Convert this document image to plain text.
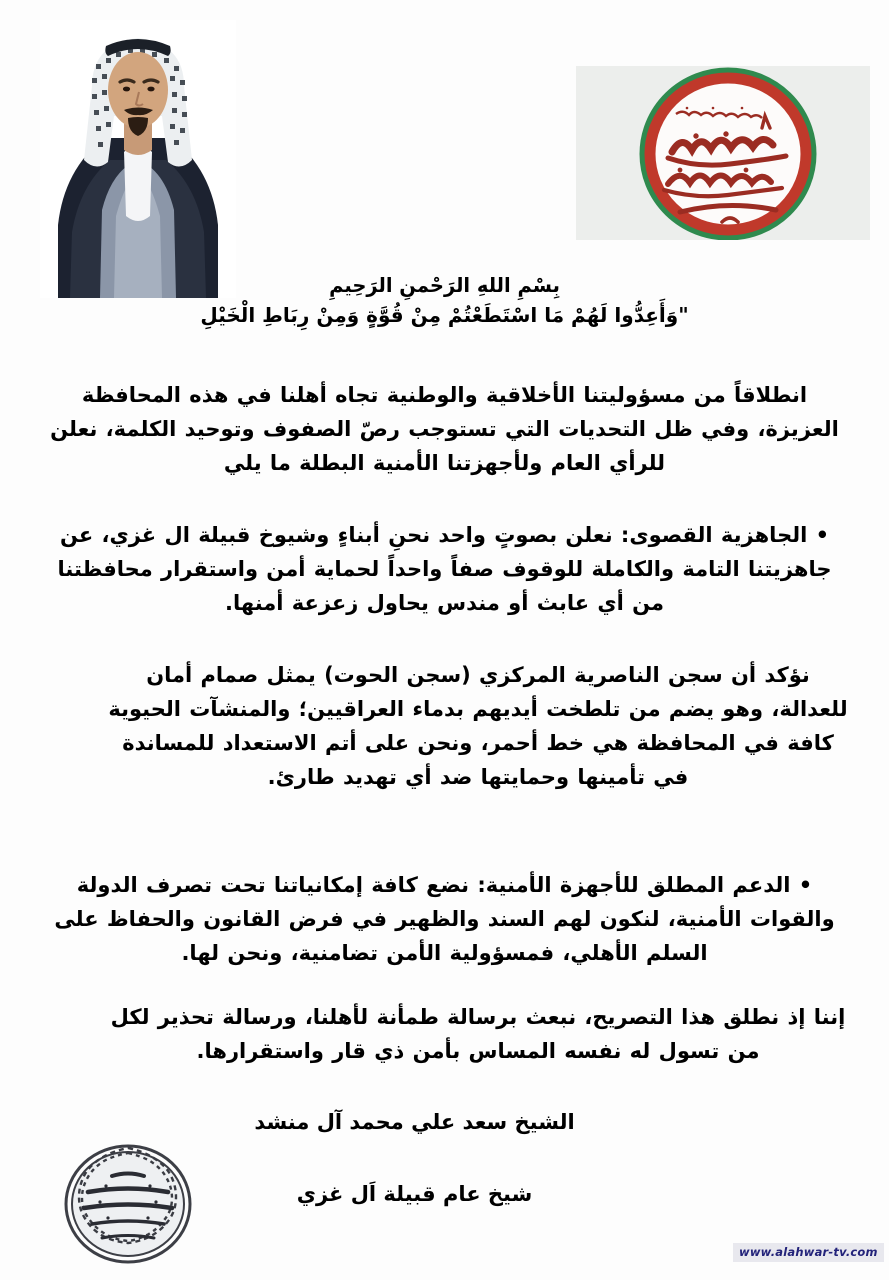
بِسْمِ اللهِ الرَحْمنِ الرَحِيمِ
"وَأَعِدُّوا لَهُمْ مَا اسْتَطَعْتُمْ مِنْ قُوَّةٍ وَمِنْ رِبَاطِ الْخَيْلِ
انطلاقاً من مسؤوليتنا الأخلاقية والوطنية تجاه أهلنا في هذه المحافظة العزيزة، وفي ظل التحديات التي تستوجب رصّ الصفوف وتوحيد الكلمة، نعلن للرأي العام ولأجهزتنا الأمنية البطلة ما يلي
• الجاهزية القصوى: نعلن بصوتٍ واحد نحنِ أبناءٍ وشيوخ قبيلة ال غزي، عن جاهزيتنا التامة والكاملة للوقوف صفاً واحداً لحماية أمن واستقرار محافظتنا من أي عابث أو مندس يحاول زعزعة أمنها.
نؤكد أن سجن الناصرية المركزي (سجن الحوت) يمثل صمام أمان للعدالة، وهو يضم من تلطخت أيديهم بدماء العراقيين؛ والمنشآت الحيوية كافة في المحافظة هي خط أحمر، ونحن على أتم الاستعداد للمساندة في تأمينها وحمايتها ضد أي تهديد طارئ.
• الدعم المطلق للأجهزة الأمنية: نضع كافة إمكانياتنا تحت تصرف الدولة والقوات الأمنية، لنكون لهم السند والظهير في فرض القانون والحفاظ على السلم الأهلي، فمسؤولية الأمن تضامنية، ونحن لها.
إننا إذ نطلق هذا التصريح، نبعث برسالة طمأنة لأهلنا، ورسالة تحذير لكل من تسول له نفسه المساس بأمن ذي قار واستقرارها.
الشيخ سعد علي محمد آل منشد
شيخ عام قبيلة اَل غزي
www.alahwar-tv.com
